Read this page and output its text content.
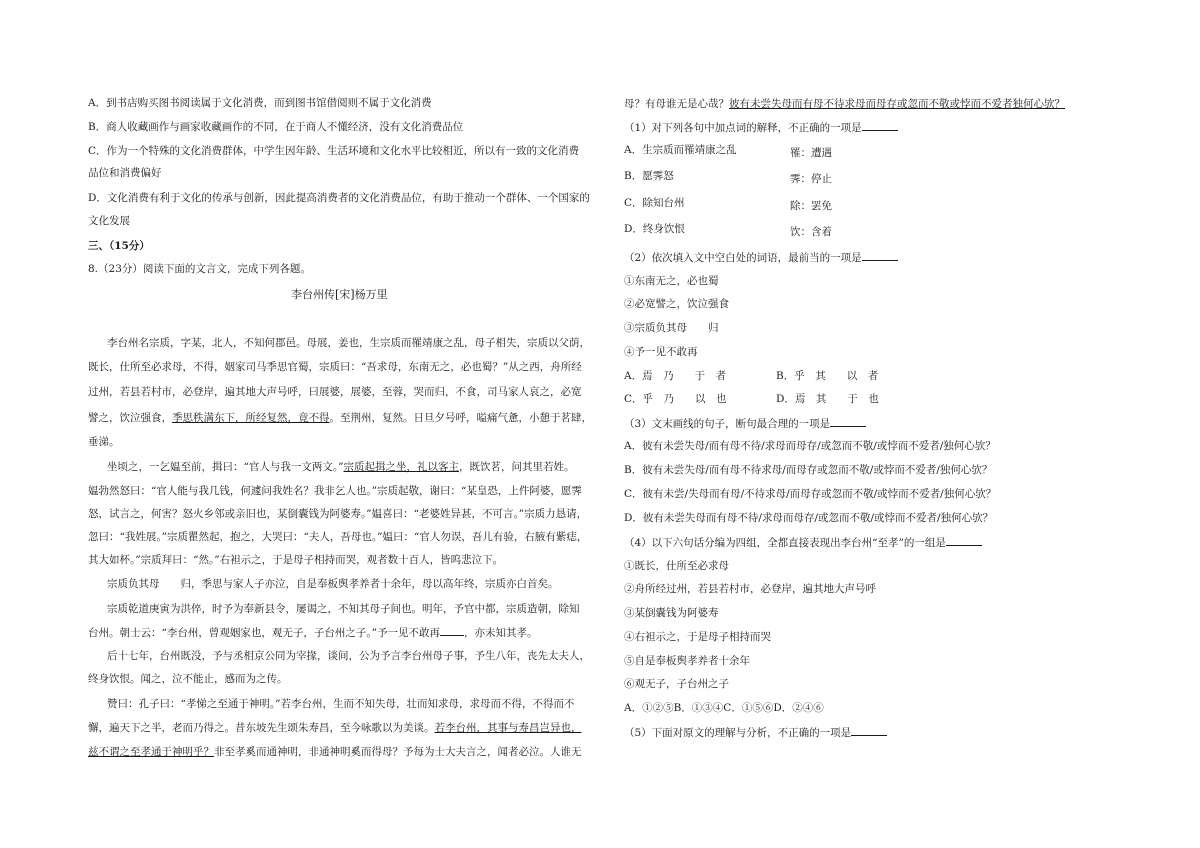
A．到书店购买图书阅读属于文化消费，而到图书馆借阅则不属于文化消费
B．商人收藏画作与画家收藏画作的不同，在于商人不懂经济，没有文化消费品位
C．作为一个特殊的文化消费群体，中学生因年龄、生活环境和文化水平比较相近，所以有一致的文化消费
品位和消费偏好
D．文化消费有利于文化的传承与创新，因此提高消费者的文化消费品位，有助于推动一个群体、一个国家的
文化发展
三、（15分）
8.（23分）阅读下面的文言文，完成下列各题。
李台州传[宋]杨万里
李台州名宗质，字某，北人，不知何郡邑。母展，姜也，生宗质而罹靖康之乱，母子相失，宗质以父荫，
既长，仕所至必求母，不得，姻家司马季思官蜀，宗质曰：“吾求母，东南无之，必也蜀？”从之西，舟所经
过州，若县若村市，必登岸，遍其地大声号呼，曰展婆，展婆，至蓉，哭而归，不食，司马家人哀之，必宽
譬之，饮泣强食，季思秩满东下，所经复然，竟不得。至荆州，复然。日旦夕号呼，嗌痛气惫，小憩于茗肆，
垂涕。
坐顷之，一乞媪至前，揖曰：“官人与我一文两文。”宗质起揖之坐，礼以客主，既饮茗，问其里若姓。
媪勃然怒曰：“官人能与我几钱，何遽问我姓名？我非乞人也。”宗质起敬，谢曰：“某皇恐，上件阿婆，愿霁
怒，试言之，何害？怒火乡邻或亲旧也，某倒囊钱为阿婆寿。”媪喜曰：“老婆姓异甚，不可言。”宗质力恳请，
忽曰：“我姓展。”宗质瞿然起，抱之，大哭曰：“夫人，吾母也。”媪曰：“官人勿误，吾儿有验，右腋有紫痣，
其大如杯。”宗质拜曰：“然。”右袒示之，于是母子相持而哭，观者数十百人，皆呜悲泣下。
宗质负其母　　归，季思与家人子亦泣，自是奉板舆孝养者十余年，母以高年终，宗质亦白首矣。
宗质乾道庚寅为洪倅，时予为奉新县令，屡谒之，不知其母子间也。明年，予官中都，宗质造朝，除知
台州。朝士云：“李台州，曾观姻家也，观无子，子台州之子。”予一见不敢再 ，亦未知其孝。
后十七年，台州既没，予与丞相京公同为宰掾，谈间，公为予言李台州母子事，予生八年，丧先太夫人，
终身饮恨。闻之，泣不能止，感而为之传。
赞曰：孔子曰：“孝悌之至通于神明。”若李台州，生而不知失母，壮而知求母，求母而不得，不得而不
懈，遍天下之半，老而乃得之。昔东坡先生颂朱寿昌，至今咏歌以为美谈。若李台州，其事与寿昌岂异也，
兹不谓之至孝通于神明乎？非至孝奚而通神明，非通神明奚而得母？予每为士大夫言之，闻者必泣。人谁无
母？有母谁无是心哉？彼有未尝失母而有母不待求母而母存或忽而不敬或悖而不爱者独何心欤？
（1）对下列各句中加点词的解释，不正确的一项是
A．生宗质而罹靖康之乱	罹：遭遇
B．愿霁怒	霁：停止
C．除知台州	除：罢免
D．终身饮恨	饮：含着
（2）依次填入文中空白处的词语，最前当的一项是
①东南无之，必也蜀
②必宽譬之，饮泣强食
③宗质负其母　　归
④予一见不敢再
A．焉　乃　　于　者	B．乎　其　　以　者
C．乎　乃　　以　也	D．焉　其　　于　也
（3）文末画线的句子，断句最合理的一项是
A．彼有未尝失母/而有母不待/求母而母存/或忽而不敬/或悖而不爱者/独何心欤？
B．彼有未尝失母/而有母不待求母/而母存或忽而不敬/或悖而不爱者/独何心欤？
C．彼有未尝/失母而有母/不待求母/而母存或忽而不敬/或悖而不爱者/独何心欤？
D．彼有未尝失母而有母不待/求母而母存/或忽而不敬/或悖而不爱者/独何心欤？
（4）以下六句话分编为四组，全都直接表现出李台州“至孝”的一组是
①既长，仕所至必求母
②舟所经过州，若县若村市，必登岸，遍其地大声号呼
③某倒囊钱为阿婆寿
④右袒示之，于是母子相持而哭
⑤自是奉板舆孝养者十余年
⑥观无子，子台州之子
A．①②⑤B．①③④C．①⑤⑥D．②④⑥
（5）下面对原文的理解与分析，不正确的一项是
